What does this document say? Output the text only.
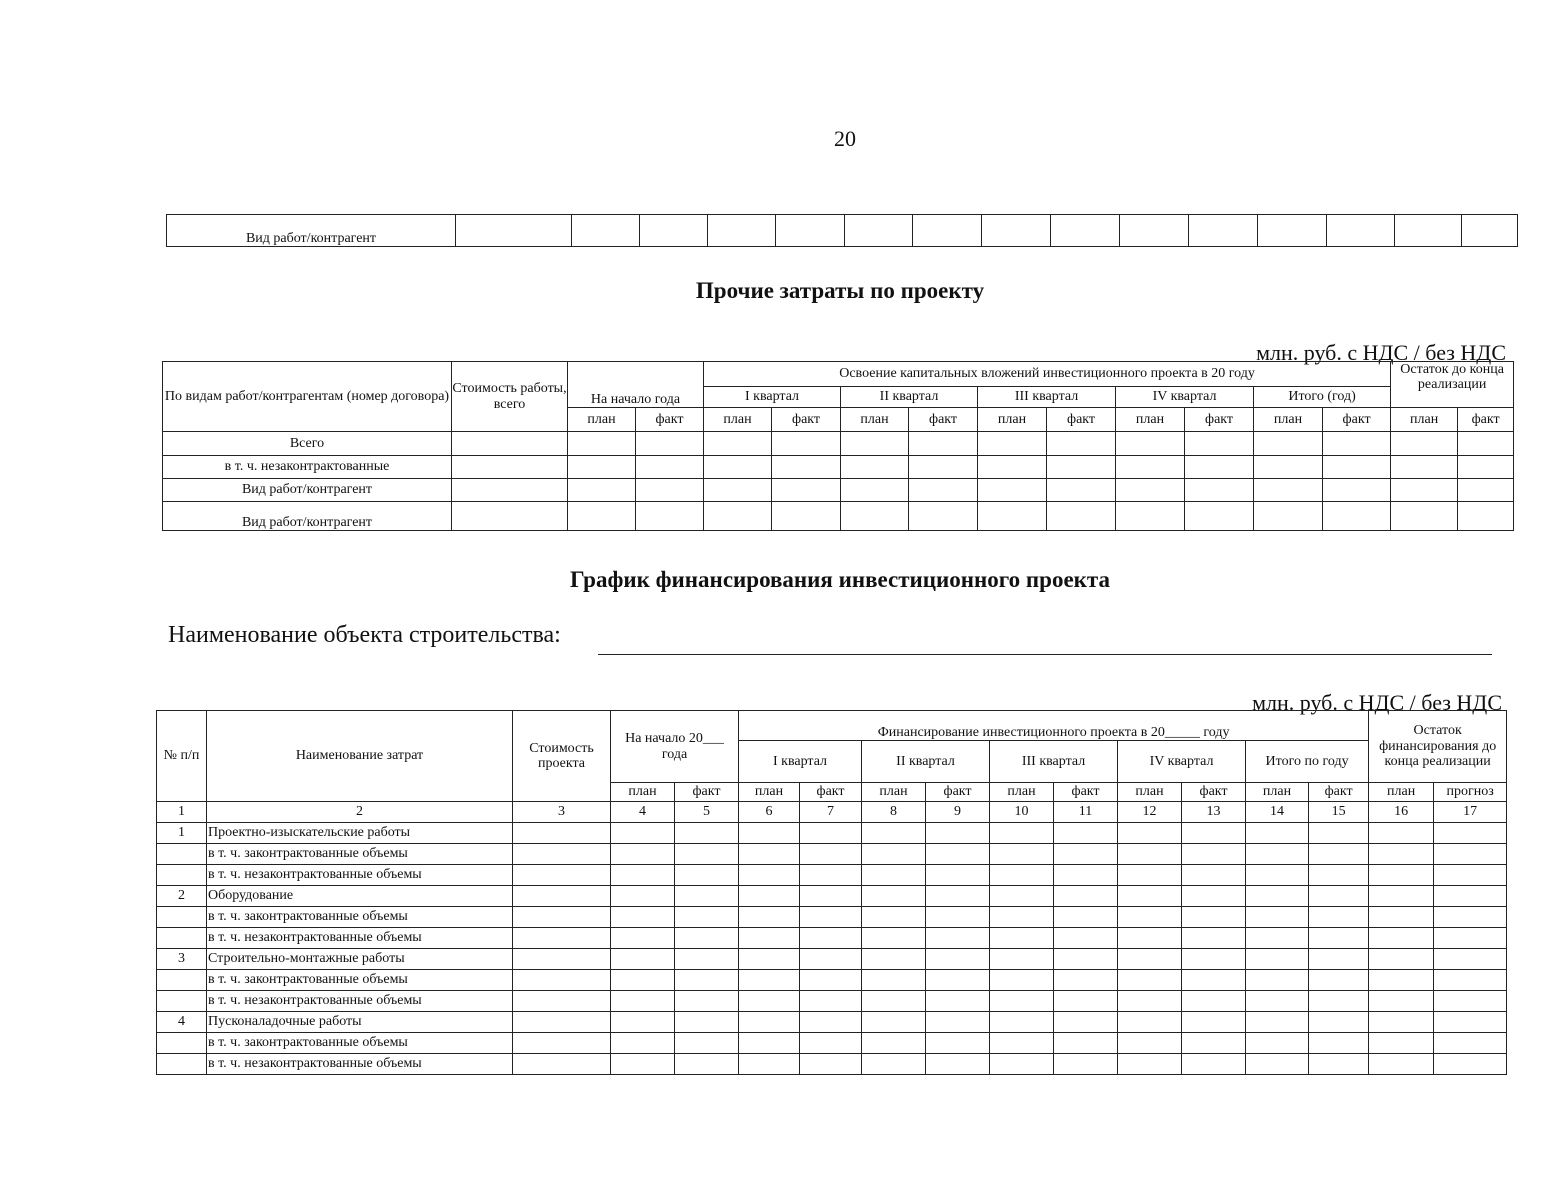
20
Вид работ/контрагент															
Прочие затраты по проекту
млн. руб. с НДС / без НДС
По видам работ/контрагентам (номер договора)	Стоимость работы, всего	На начало года		Освоение капитальных вложений инвестиционного проекта в 20 году										Остаток до конца реализации	
				I квартал		II квартал		III квартал		IV квартал		Итого (год)			
		план	факт	план	факт	план	факт	план	факт	план	факт	план	факт	план	факт
Всего															
в т. ч. незаконтрактованные															
Вид работ/контрагент															
Вид работ/контрагент															
График финансирования инвестиционного проекта
Наименование объекта строительства:
млн. руб. с НДС / без НДС
№ п/п	Наименование затрат	Стоимость проекта	На начало 20___ года		Финансирование инвестиционного проекта в 20_____ году										Остаток финансирования до конца реализации	
					I квартал		II квартал		III квартал		IV квартал		Итого по году			
			план	факт	план	факт	план	факт	план	факт	план	факт	план	факт	план	прогноз
1	2	3	4	5	6	7	8	9	10	11	12	13	14	15	16	17
1	Проектно-изыскательские работы															
	в т. ч. законтрактованные объемы															
	в т. ч. незаконтрактованные объемы															
2	Оборудование															
	в т. ч. законтрактованные объемы															
	в т. ч. незаконтрактованные объемы															
3	Строительно-монтажные работы															
	в т. ч. законтрактованные объемы															
	в т. ч. незаконтрактованные объемы															
4	Пусконаладочные работы															
	в т. ч. законтрактованные объемы															
	в т. ч. незаконтрактованные объемы															
